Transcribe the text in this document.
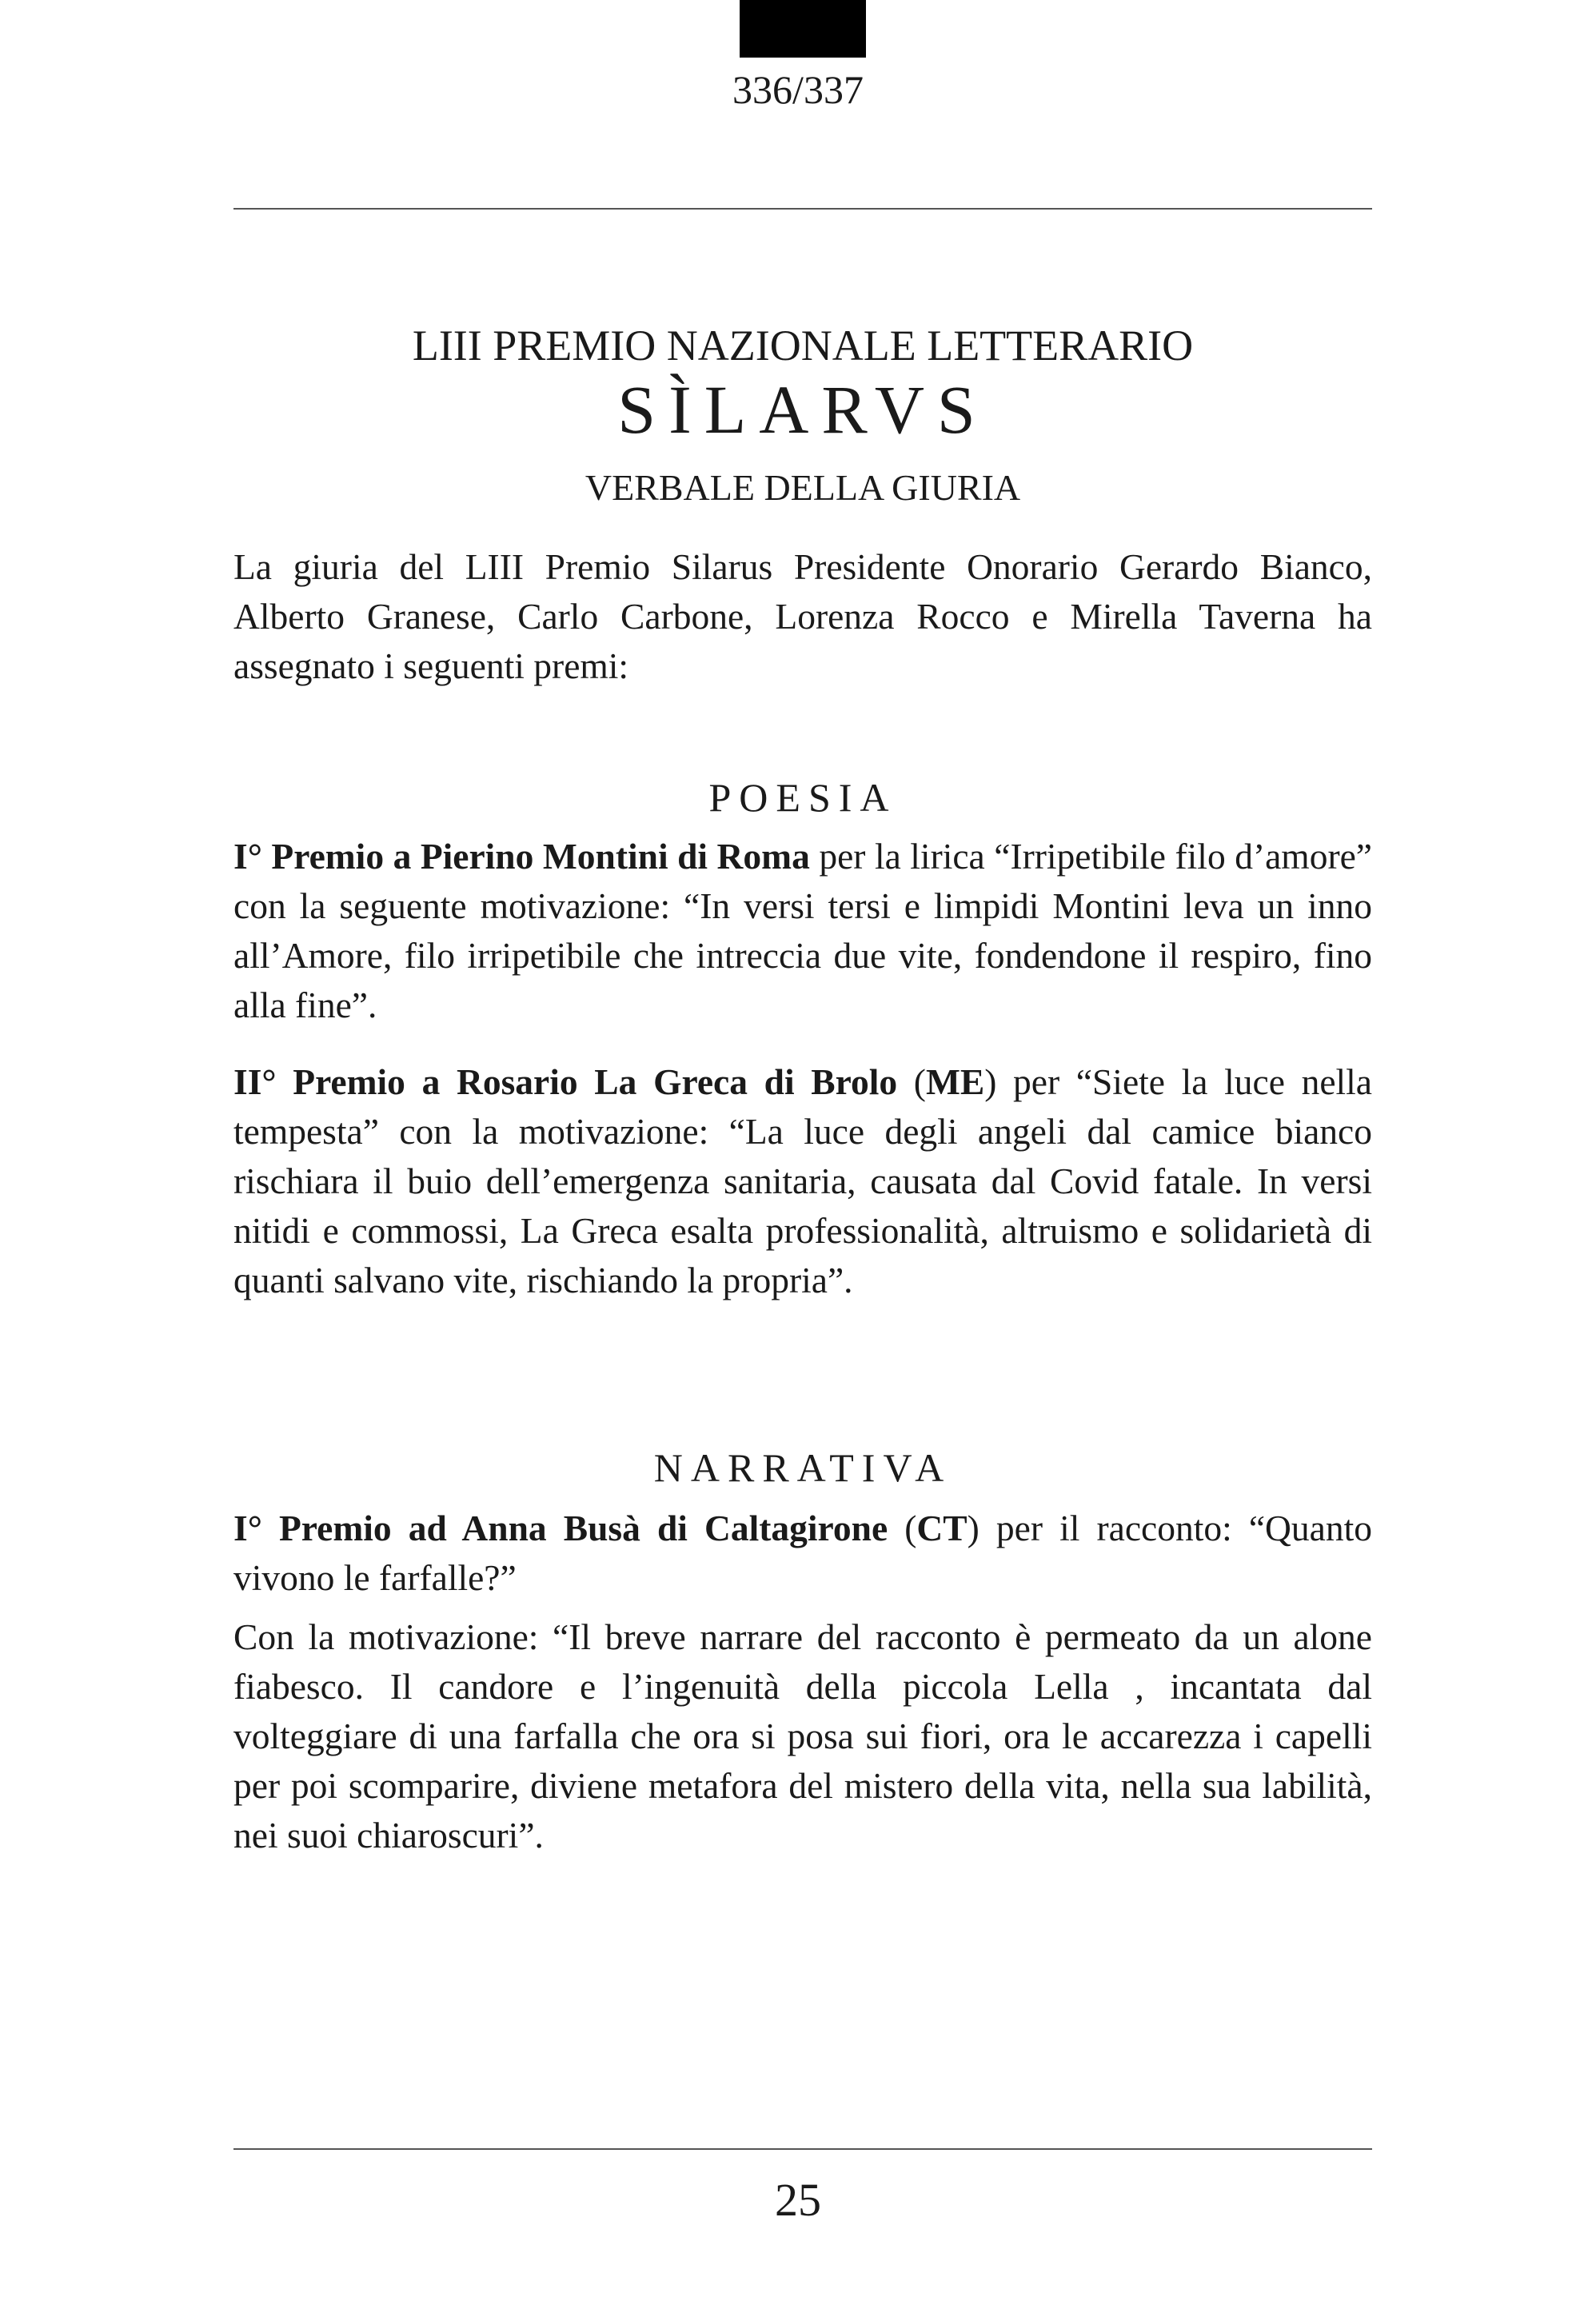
336/337
LIII PREMIO NAZIONALE LETTERARIO
SÌLARVS
VERBALE DELLA GIURIA

La giuria del LIII Premio Silarus Presidente Onorario Gerardo Bianco, Alberto Granese, Carlo Carbone, Lorenza Rocco e Mirella Taverna ha assegnato i seguenti premi:

POESIA

I° Premio a Pierino Montini di Roma per la lirica “Irripetibile filo d’amore” con la seguente motivazione: “In versi tersi e limpidi Montini leva un inno all’Amore, filo irripetibile che intreccia due vite, fondendone il respiro, fino alla fine”.

II° Premio a Rosario La Greca di Brolo (ME) per “Siete la luce nella tempesta” con la motivazione: “La luce degli angeli dal camice bianco rischiara il buio dell’emergenza sanitaria, causata dal Covid fatale. In versi nitidi e commossi, La Greca esalta professionalità, altruismo e solidarietà di quanti salvano vite, rischiando la propria”.

NARRATIVA

I° Premio ad Anna Busà di Caltagirone (CT) per il racconto: “Quanto vivono le farfalle?”

Con la motivazione: “Il breve narrare del racconto è permeato da un alone fiabesco. Il candore e l’ingenuità della piccola Lella , incantata dal volteggiare di una farfalla che ora si posa sui fiori, ora le accarezza i capelli per poi scomparire, diviene metafora del mistero della vita, nella sua labilità, nei suoi chiaroscuri”.

25
